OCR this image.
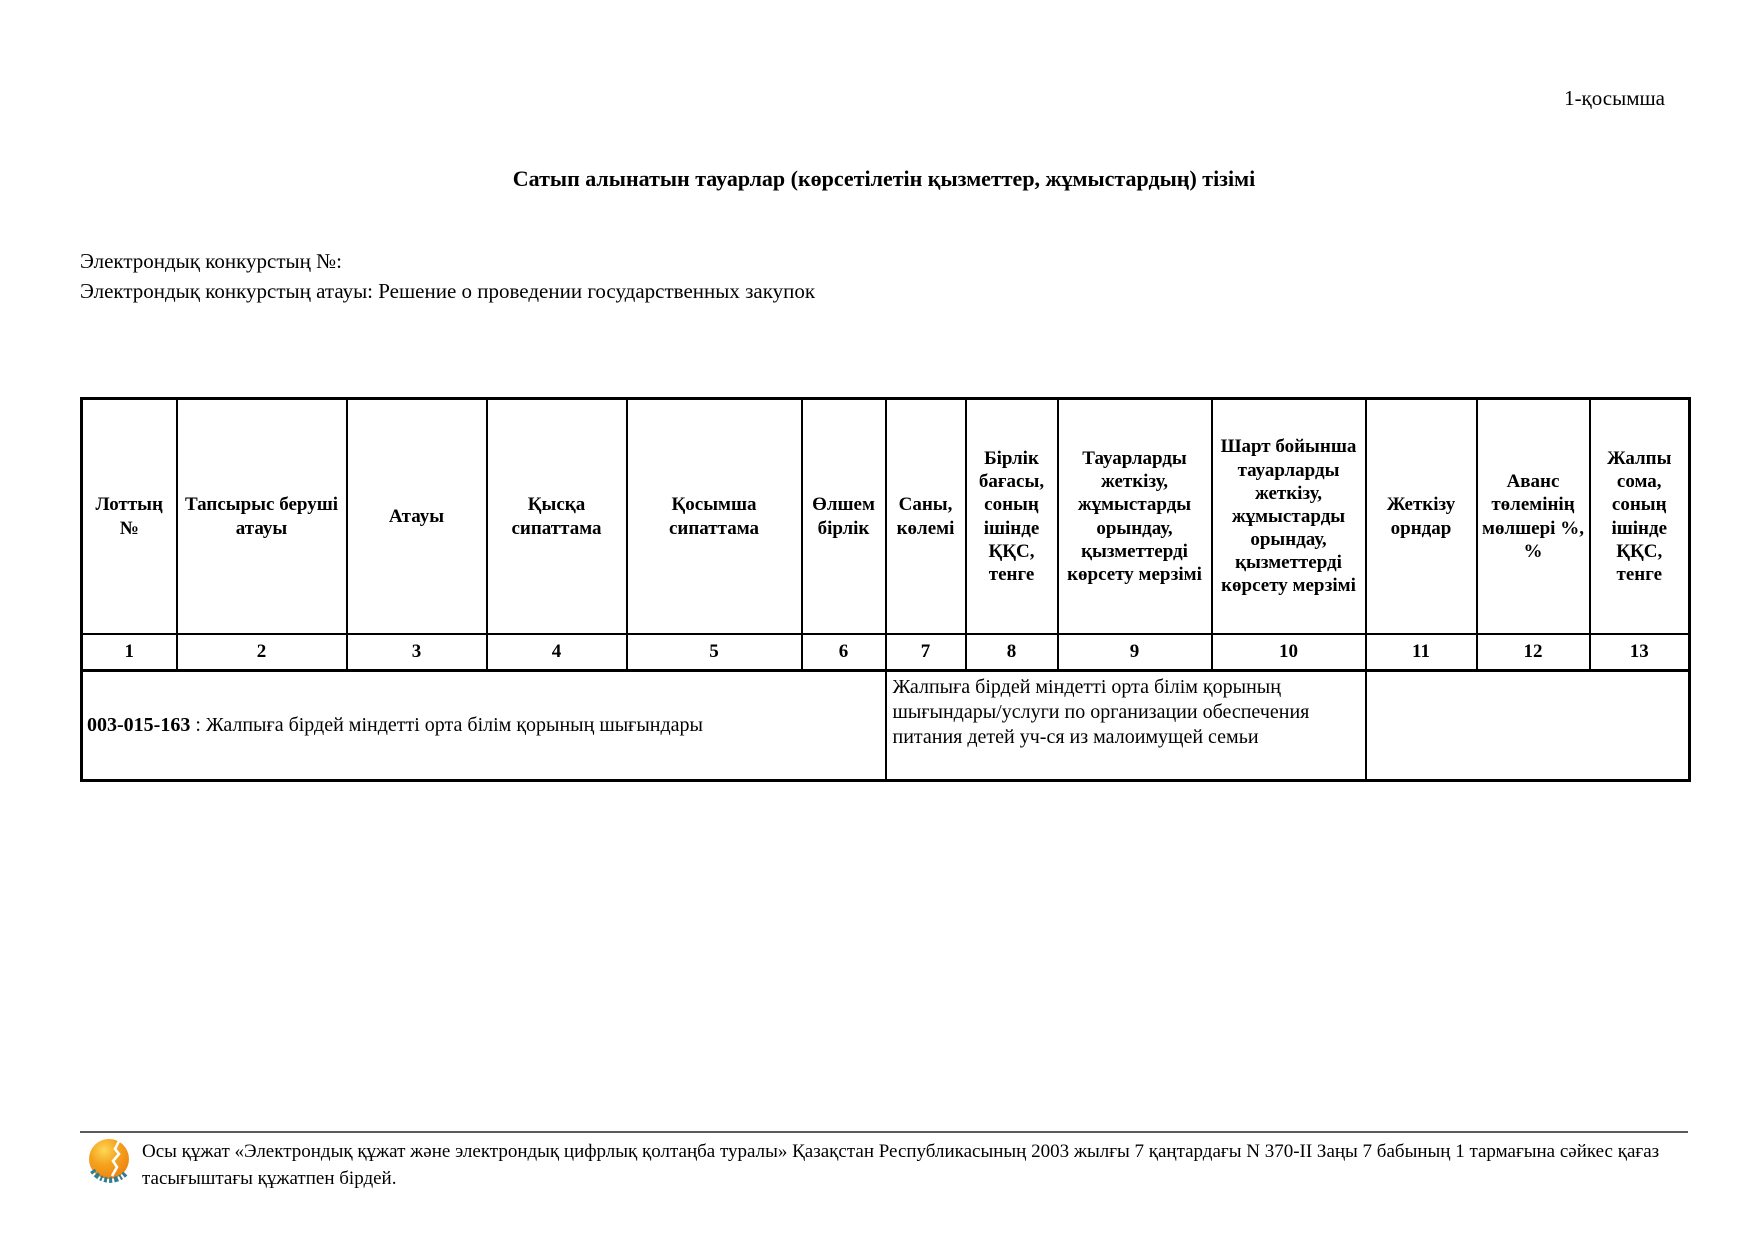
1-қосымша
Сатып алынатын тауарлар (көрсетілетін қызметтер, жұмыстардың) тізімі
Электрондық конкурстың №:
Электрондық конкурстың атауы: Решение о проведении государственных закупок
Лоттың №	Тапсырыс беруші атауы	Атауы	Қысқа сипаттама	Қосымша сипаттама	Өлшем бірлік	Саны, көлемі	Бірлік бағасы, соның ішінде ҚҚС, тенге	Тауарларды жеткізу, жұмыстарды орындау, қызметтерді көрсету мерзімі	Шарт бойынша тауарларды жеткізу, жұмыстарды орындау, қызметтерді көрсету мерзімі	Жеткізу орндар	Аванс төлемінің мөлшері %, %	Жалпы сома, соның ішінде ҚҚС, тенге
1	2	3	4	5	6	7	8	9	10	11	12	13
003-015-163 : Жалпыға бірдей міндетті орта білім қорының шығындары						Жалпыға бірдей міндетті орта білім қорының шығындары/услуги по организации обеспечения питания детей уч-ся из малоимущей семьи						

Осы құжат «Электрондық құжат және электрондық цифрлық қолтаңба туралы» Қазақстан Республикасының 2003 жылғы 7 қаңтардағы N 370-II Заңы 7 бабының 1 тармағына сәйкес қағаз тасығыштағы құжатпен бірдей.
